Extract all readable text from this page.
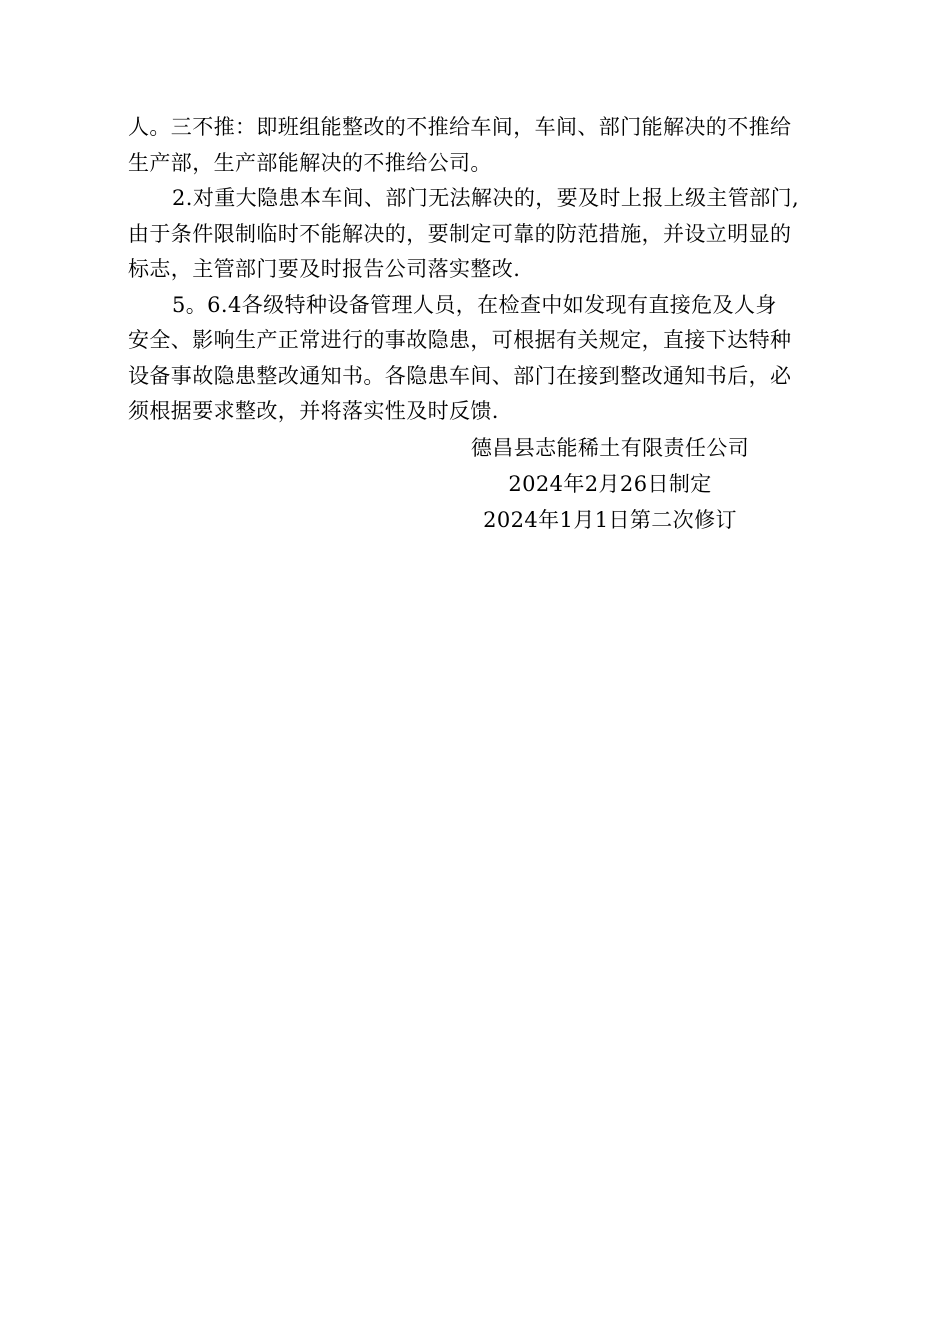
人。三不推：即班组能整改的不推给车间，车间、部门能解决的不推给
生产部，生产部能解决的不推给公司。

2.对重大隐患本车间、部门无法解决的，要及时上报上级主管部门,
由于条件限制临时不能解决的，要制定可靠的防范措施，并设立明显的
标志，主管部门要及时报告公司落实整改.

5。6.4各级特种设备管理人员，在检查中如发现有直接危及人身
安全、影响生产正常进行的事故隐患，可根据有关规定，直接下达特种
设备事故隐患整改通知书。各隐患车间、部门在接到整改通知书后，必
须根据要求整改，并将落实性及时反馈.

德昌县志能稀土有限责任公司
2024年2月26日制定
2024年1月1日第二次修订
